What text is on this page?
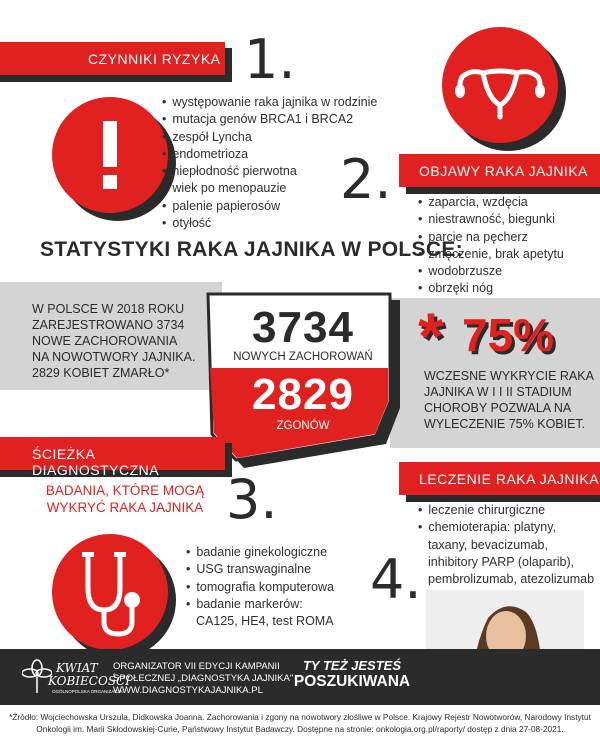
CZYNNIKI RYZYKA 1.
• występowanie raka jajnika w rodzinie
• mutacja genów BRCA1 i BRCA2
• zespół Lyncha
• endometrioza
• niepłodność pierwotna
• wiek po menopauzie
• palenie papierosów
• otyłość
2. OBJAWY RAKA JAJNIKA
• zaparcia, wzdęcia
• niestrawność, biegunki
• parcie na pęcherz
• zmęczenie, brak apetytu
• wodobrzusze
• obrzęki nóg
•
STATYSTYKI RAKA JAJNIKA W POLSCE:
W POLSCE W 2018 ROKU
ZAREJESTROWANO 3734
NOWE ZACHOROWANIA
NA NOWOTWORY JAJNIKA.
2829 KOBIET ZMARŁO*
3734
NOWYCH ZACHOROWAŃ
2829
ZGONÓW
* 75%
WCZESNE WYKRYCIE RAKA
JAJNIKA W I I II STADIUM
CHOROBY POZWALA NA
WYLECZENIE 75% KOBIET.
ŚCIEŻKA DIAGNOSTYCZNA
BADANIA, KTÓRE MOGĄ
WYKRYĆ RAKA JAJNIKA 3.
• badanie ginekologiczne
• USG transwaginalne
• tomografia komputerowa
• badanie markerów:
CA125, HE4, test ROMA
LECZENIE RAKA JAJNIKA
• leczenie chirurgiczne
• chemioterapia: platyny,
taxany, bevacizumab,
inhibitory PARP (olaparib),
pembrolizumab, atezolizumab
4.
KWIAT
KOBIECOŚCI
OGÓLNOPOLSKA ORGANIZACJA
ORGANIZATOR VII EDYCJI KAMPANII
SPOŁECZNEJ „DIAGNOSTYKA JAJNIKA"
WWW.DIAGNOSTYKAJAJNIKA.PL
TY TEŻ JESTEŚ
POSZUKIWANA
*Źródło: Wojciechowska Urszula, Didkowska Joanna. Zachorowania i zgony na nowotwory złośliwe w Polsce. Krajowy Rejestr Nowotworów, Narodowy Instytut
Onkologii im. Marii Skłodowskiej-Curie, Państwowy Instytut Badawczy. Dostępne na stronie: onkologia.org.pl/raporty/ dostęp z dnia 27-08-2021.
